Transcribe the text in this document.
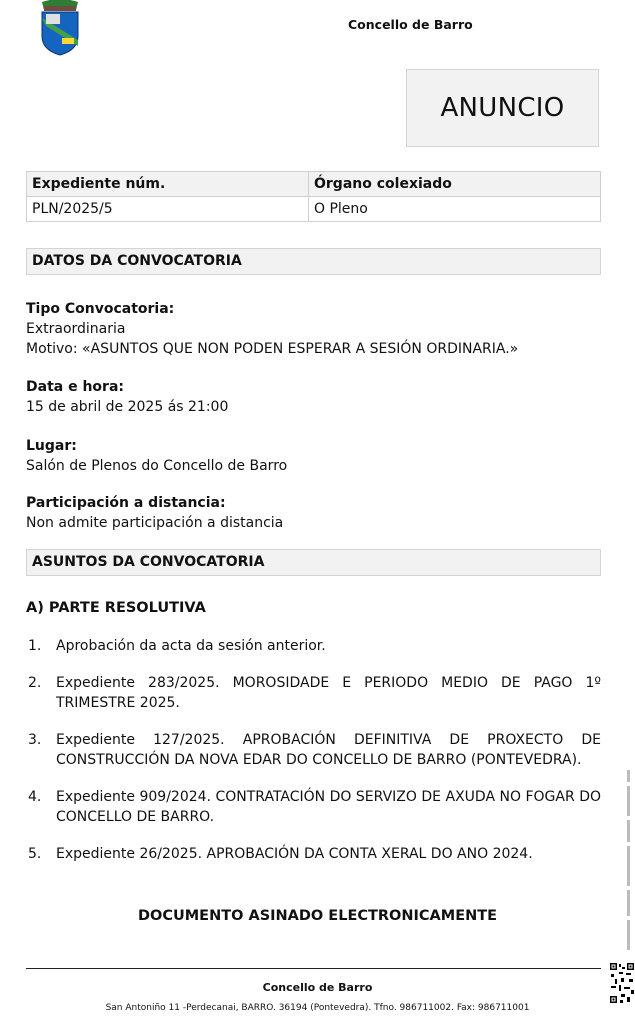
Concello de Barro
ANUNCIO
Expediente núm.	Órgano colexiado
PLN/2025/5	O Pleno
DATOS DA CONVOCATORIA
Tipo Convocatoria:
Extraordinaria
Motivo: «ASUNTOS QUE NON PODEN ESPERAR A SESIÓN ORDINARIA.»
Data e hora:
15 de abril de 2025 ás 21:00
Lugar:
Salón de Plenos do Concello de Barro
Participación a distancia:
Non admite participación a distancia
ASUNTOS DA CONVOCATORIA
A) PARTE RESOLUTIVA
1.	Aprobación da acta da sesión anterior.
2.	Expediente 283/2025. MOROSIDADE E PERIODO MEDIO DE PAGO 1º TRIMESTRE 2025.
3.	Expediente 127/2025. APROBACIÓN DEFINITIVA DE PROXECTO DE CONSTRUCCIÓN DA NOVA EDAR DO CONCELLO DE BARRO (PONTEVEDRA).
4.	Expediente 909/2024. CONTRATACIÓN DO SERVIZO DE AXUDA NO FOGAR DO CONCELLO DE BARRO.
5.	Expediente 26/2025. APROBACIÓN DA CONTA XERAL DO ANO 2024.
DOCUMENTO ASINADO ELECTRONICAMENTE
Concello de Barro
San Antoniño 11 -Perdecanai, BARRO. 36194 (Pontevedra). Tfno. 986711002. Fax: 986711001
